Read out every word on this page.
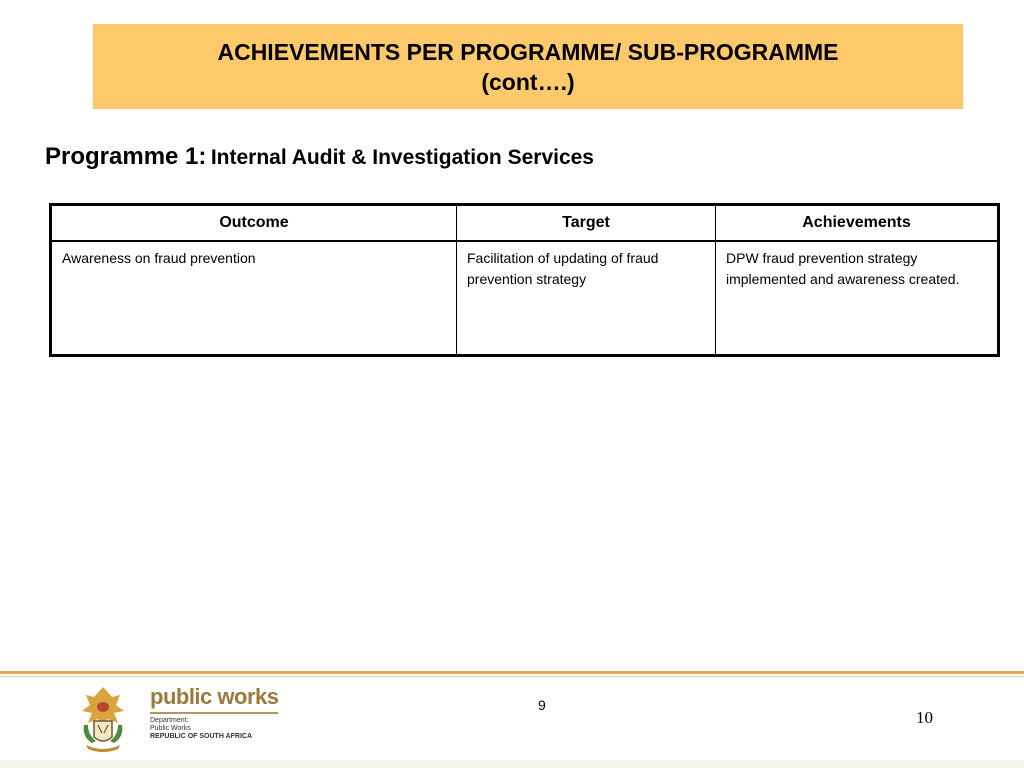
ACHIEVEMENTS PER PROGRAMME/ SUB-PROGRAMME
(cont….)
Programme 1: Internal Audit & Investigation Services
Outcome	Target	Achievements
Awareness on fraud prevention	Facilitation of updating of fraud prevention strategy	DPW fraud prevention strategy implemented and awareness created.
public works
Department:
Public Works
REPUBLIC OF SOUTH AFRICA
9
10
